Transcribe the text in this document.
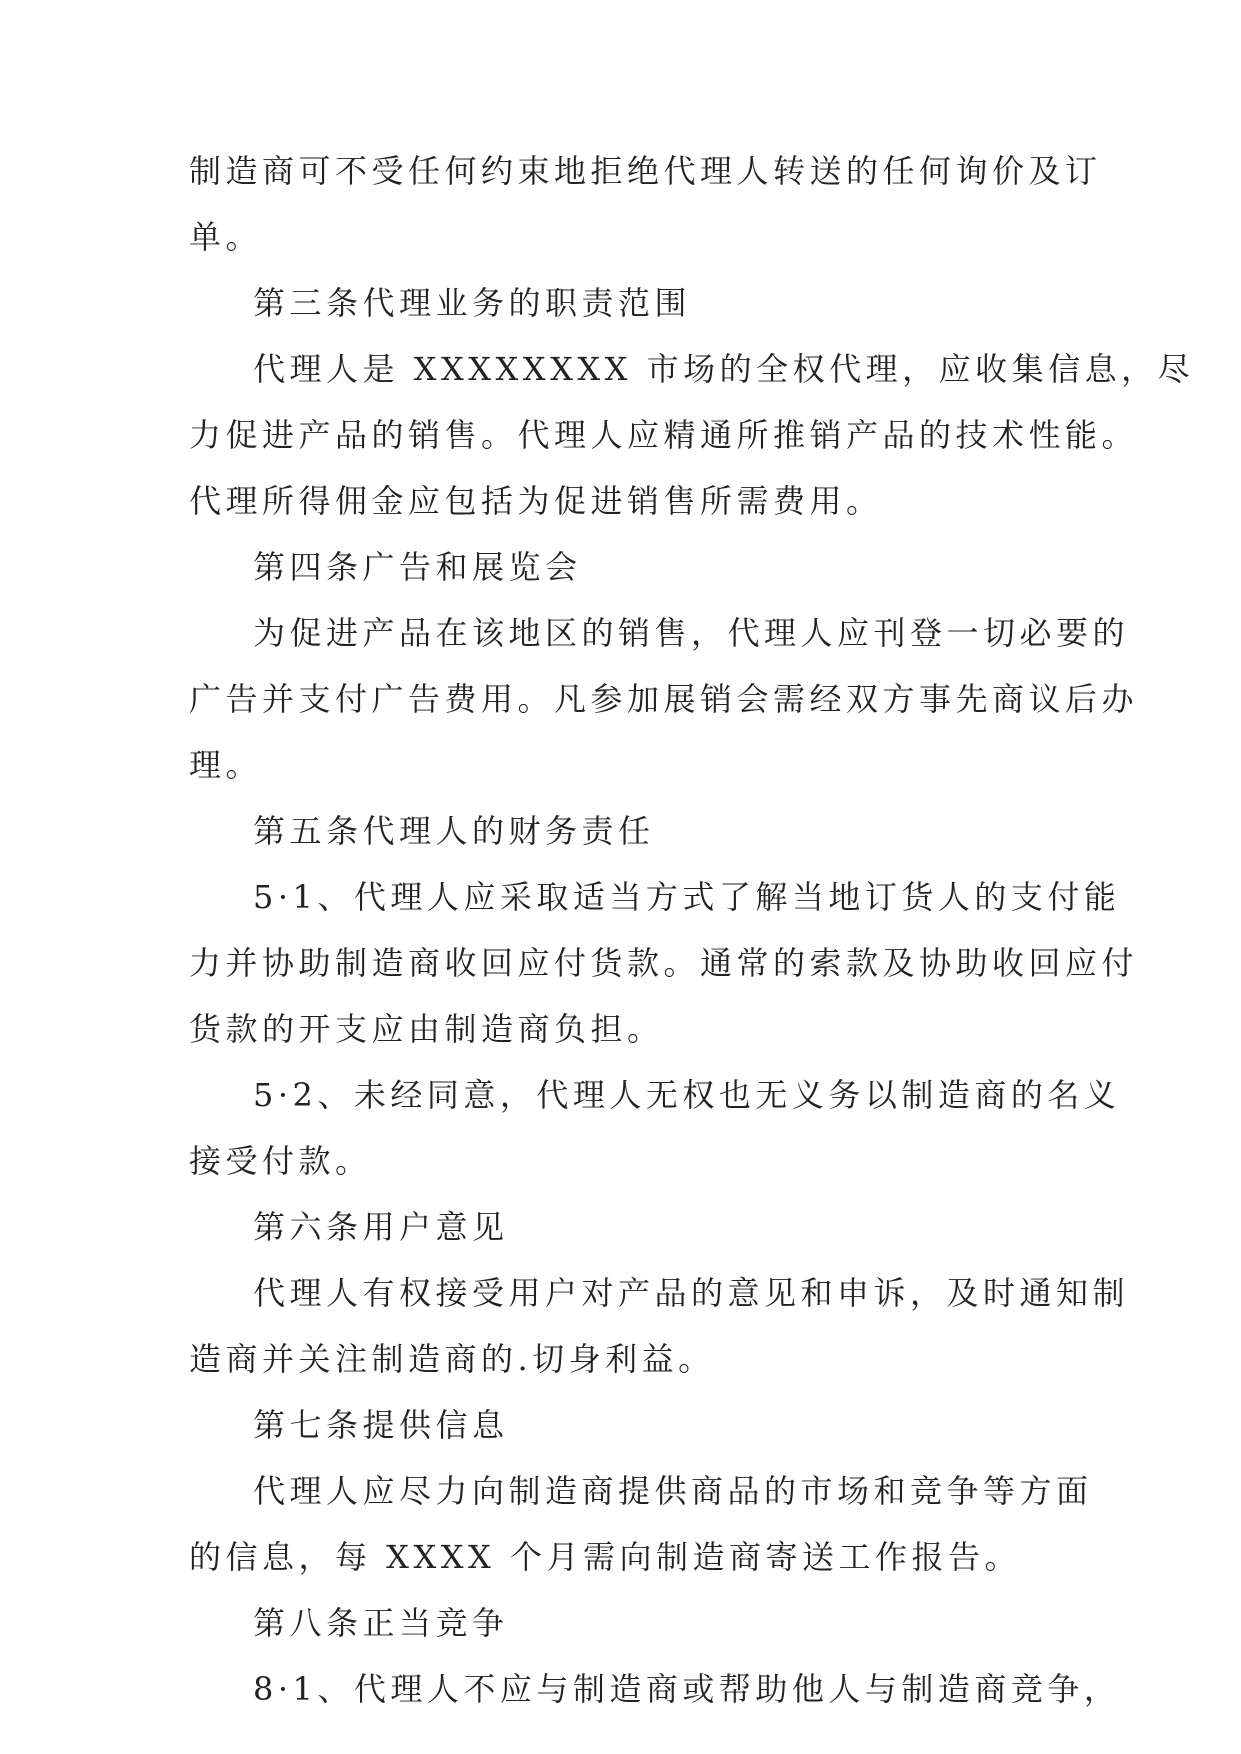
制造商可不受任何约束地拒绝代理人转送的任何询价及订
单。
第三条代理业务的职责范围
代理人是 XXXXXXXX 市场的全权代理，应收集信息，尽
力促进产品的销售。代理人应精通所推销产品的技术性能。
代理所得佣金应包括为促进销售所需费用。
第四条广告和展览会
为促进产品在该地区的销售，代理人应刊登一切必要的
广告并支付广告费用。凡参加展销会需经双方事先商议后办
理。
第五条代理人的财务责任
5·1、代理人应采取适当方式了解当地订货人的支付能
力并协助制造商收回应付货款。通常的索款及协助收回应付
货款的开支应由制造商负担。
5·2、未经同意，代理人无权也无义务以制造商的名义
接受付款。
第六条用户意见
代理人有权接受用户对产品的意见和申诉，及时通知制
造商并关注制造商的.切身利益。
第七条提供信息
代理人应尽力向制造商提供商品的市场和竞争等方面
的信息，每 XXXX 个月需向制造商寄送工作报告。
第八条正当竞争
8·1、代理人不应与制造商或帮助他人与制造商竞争，
